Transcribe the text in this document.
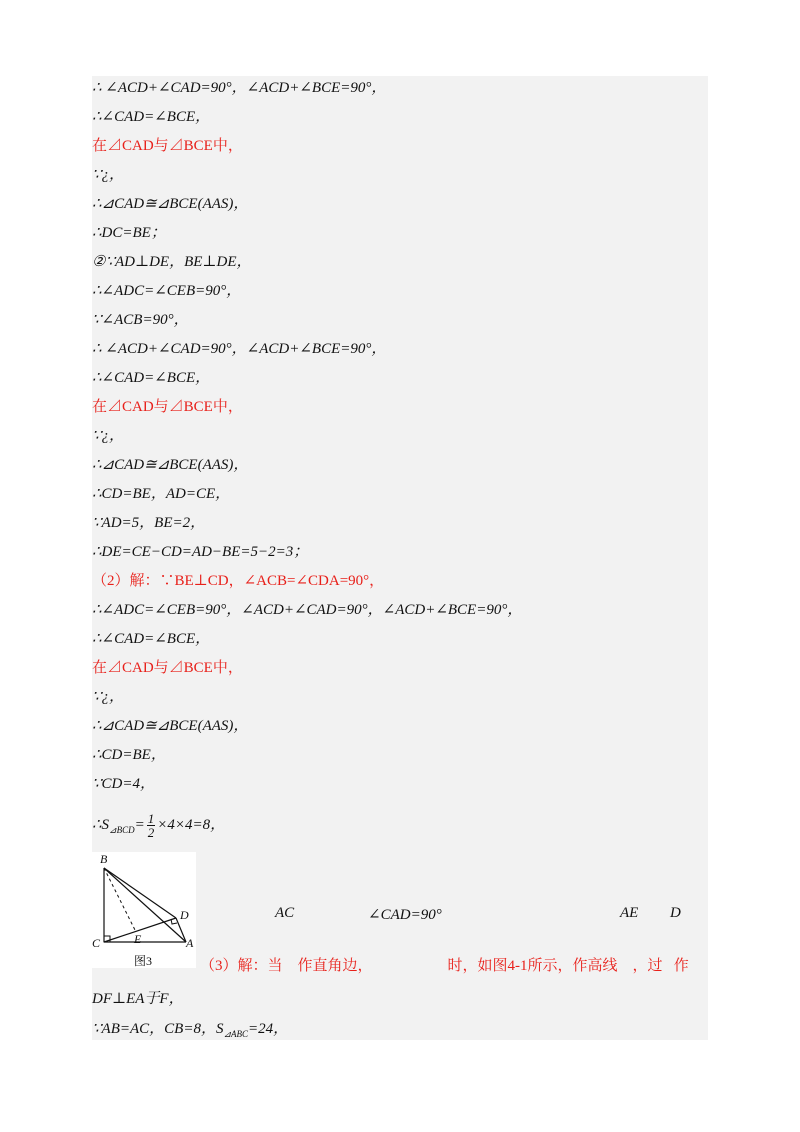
∴ ∠ACD+∠CAD=90°，∠ACD+∠BCE=90°，
∴∠CAD=∠BCE，
在⊿CAD与⊿BCE中，
∵¿，
∴⊿CAD≅⊿BCE(AAS)，
∴DC=BE；
②∵AD⊥DE，BE⊥DE，
∴∠ADC=∠CEB=90°，
∵∠ACB=90°，
∴ ∠ACD+∠CAD=90°，∠ACD+∠BCE=90°，
∴∠CAD=∠BCE，
在⊿CAD与⊿BCE中，
∵¿，
∴⊿CAD≅⊿BCE(AAS)，
∴CD=BE，AD=CE，
∵AD=5，BE=2，
∴DE=CE−CD=AD−BE=5−2=3；
（2）解：∵BE⊥CD，∠ACB=∠CDA=90°，
∴∠ADC=∠CEB=90°，∠ACD+∠CAD=90°，∠ACD+∠BCE=90°，
∴∠CAD=∠BCE，
在⊿CAD与⊿BCE中，
∵¿，
∴⊿CAD≅⊿BCE(AAS)，
∴CD=BE，
∵CD=4，
$\therefore S_{⊿BCD}= \frac{1}{2} \times 4\times 4=8$，
B
D
C	E	A
图3
AC	∠CAD=90°	AE D
（3）解：当    作直角边，                    时，如图4-1所示，作高线    ，过   作
DF⊥EA于F，
∵AB=AC，CB=8，$S_{⊿ABC}=24$，
